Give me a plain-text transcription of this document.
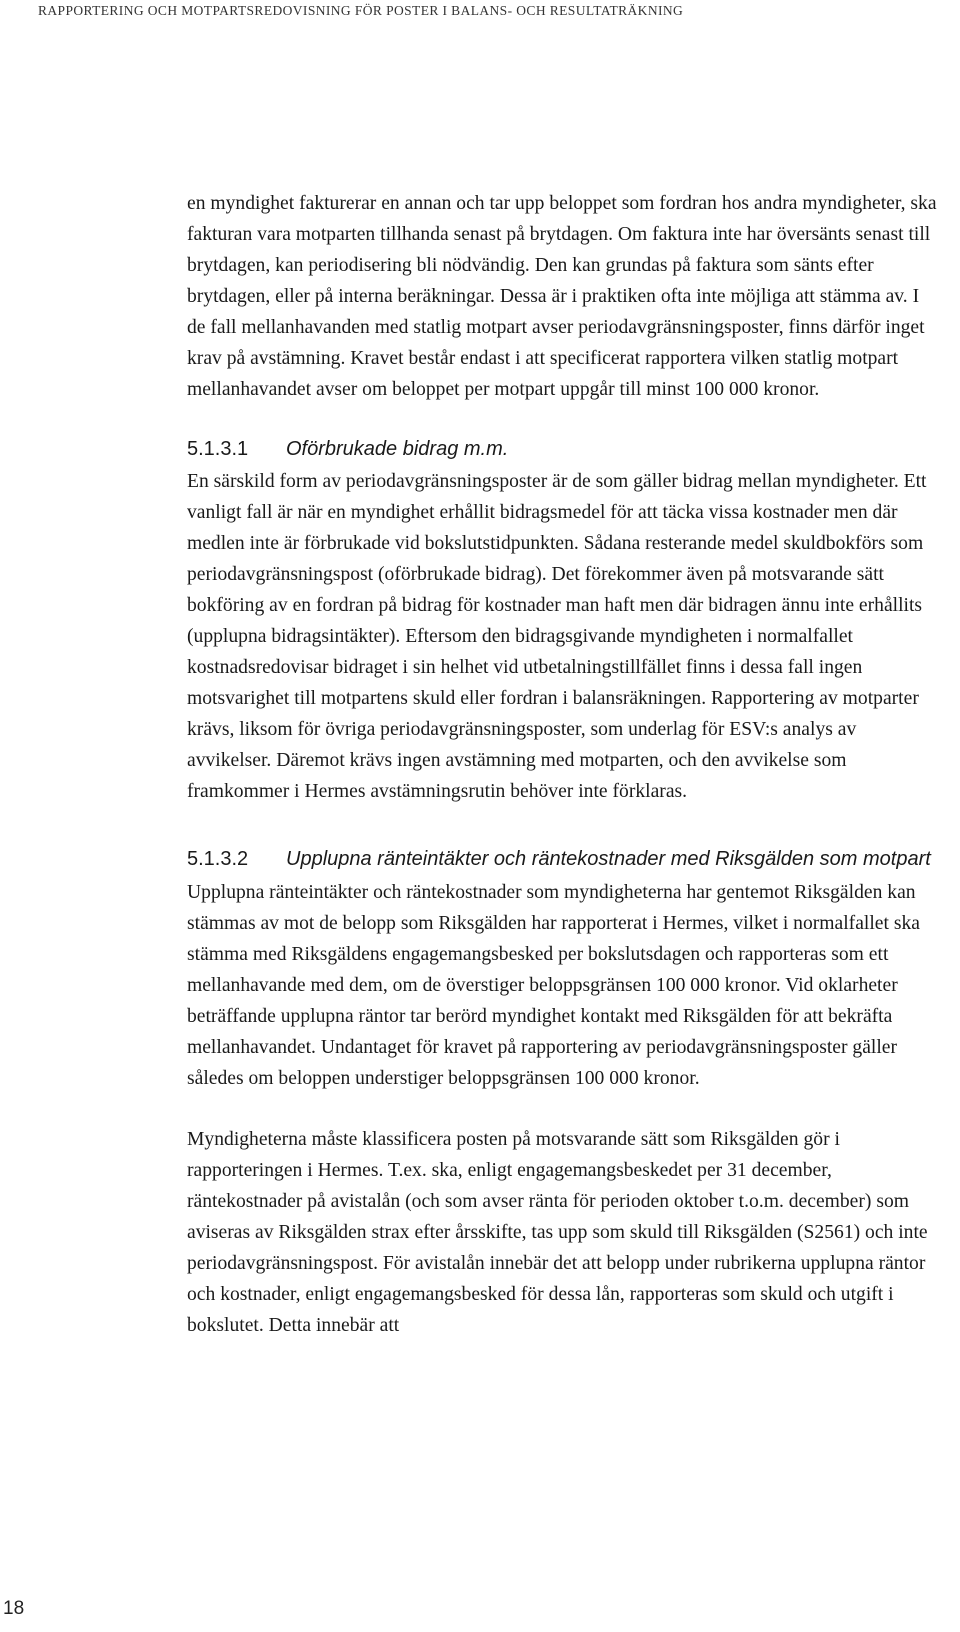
RAPPORTERING OCH MOTPARTSREDOVISNING FÖR POSTER I BALANS- OCH RESULTATRÄKNING

en myndighet fakturerar en annan och tar upp beloppet som fordran hos andra myndigheter, ska fakturan vara motparten tillhanda senast på brytdagen. Om faktura inte har översänts senast till brytdagen, kan periodisering bli nödvändig. Den kan grundas på faktura som sänts efter brytdagen, eller på interna beräkningar. Dessa är i praktiken ofta inte möjliga att stämma av. I de fall mellanhavanden med statlig motpart avser periodavgränsningsposter, finns därför inget krav på avstämning. Kravet består endast i att specificerat rapportera vilken statlig motpart mellanhavandet avser om beloppet per motpart uppgår till minst 100 000 kronor.

5.1.3.1	Oförbrukade bidrag m.m.

En särskild form av periodavgränsningsposter är de som gäller bidrag mellan myndigheter. Ett vanligt fall är när en myndighet erhållit bidragsmedel för att täcka vissa kostnader men där medlen inte är förbrukade vid bokslutstidpunkten. Sådana resterande medel skuldbokförs som periodavgränsningspost (oförbrukade bidrag). Det förekommer även på motsvarande sätt bokföring av en fordran på bidrag för kostnader man haft men där bidragen ännu inte erhållits (upplupna bidragsintäkter). Eftersom den bidragsgivande myndigheten i normalfallet kostnadsredovisar bidraget i sin helhet vid utbetalningstillfället finns i dessa fall ingen motsvarighet till motpartens skuld eller fordran i balansräkningen. Rapportering av motparter krävs, liksom för övriga periodavgränsningsposter, som underlag för ESV:s analys av avvikelser. Däremot krävs ingen avstämning med motparten, och den avvikelse som framkommer i Hermes avstämningsrutin behöver inte förklaras.

5.1.3.2	Upplupna ränteintäkter och räntekostnader med Riksgälden som motpart

Upplupna ränteintäkter och räntekostnader som myndigheterna har gentemot Riksgälden kan stämmas av mot de belopp som Riksgälden har rapporterat i Hermes, vilket i normalfallet ska stämma med Riksgäldens engagemangsbesked per bokslutsdagen och rapporteras som ett mellanhavande med dem, om de överstiger beloppsgränsen 100 000 kronor. Vid oklarheter beträffande upplupna räntor tar berörd myndighet kontakt med Riksgälden för att bekräfta mellanhavandet. Undantaget för kravet på rapportering av periodavgränsningsposter gäller således om beloppen understiger beloppsgränsen 100 000 kronor.

Myndigheterna måste klassificera posten på motsvarande sätt som Riksgälden gör i rapporteringen i Hermes. T.ex. ska, enligt engagemangsbeskedet per 31 december, räntekostnader på avistalån (och som avser ränta för perioden oktober t.o.m. december) som aviseras av Riksgälden strax efter årsskifte, tas upp som skuld till Riksgälden (S2561) och inte periodavgränsningspost. För avistalån innebär det att belopp under rubrikerna upplupna räntor och kostnader, enligt engagemangsbesked för dessa lån, rapporteras som skuld och utgift i bokslutet. Detta innebär att

18
